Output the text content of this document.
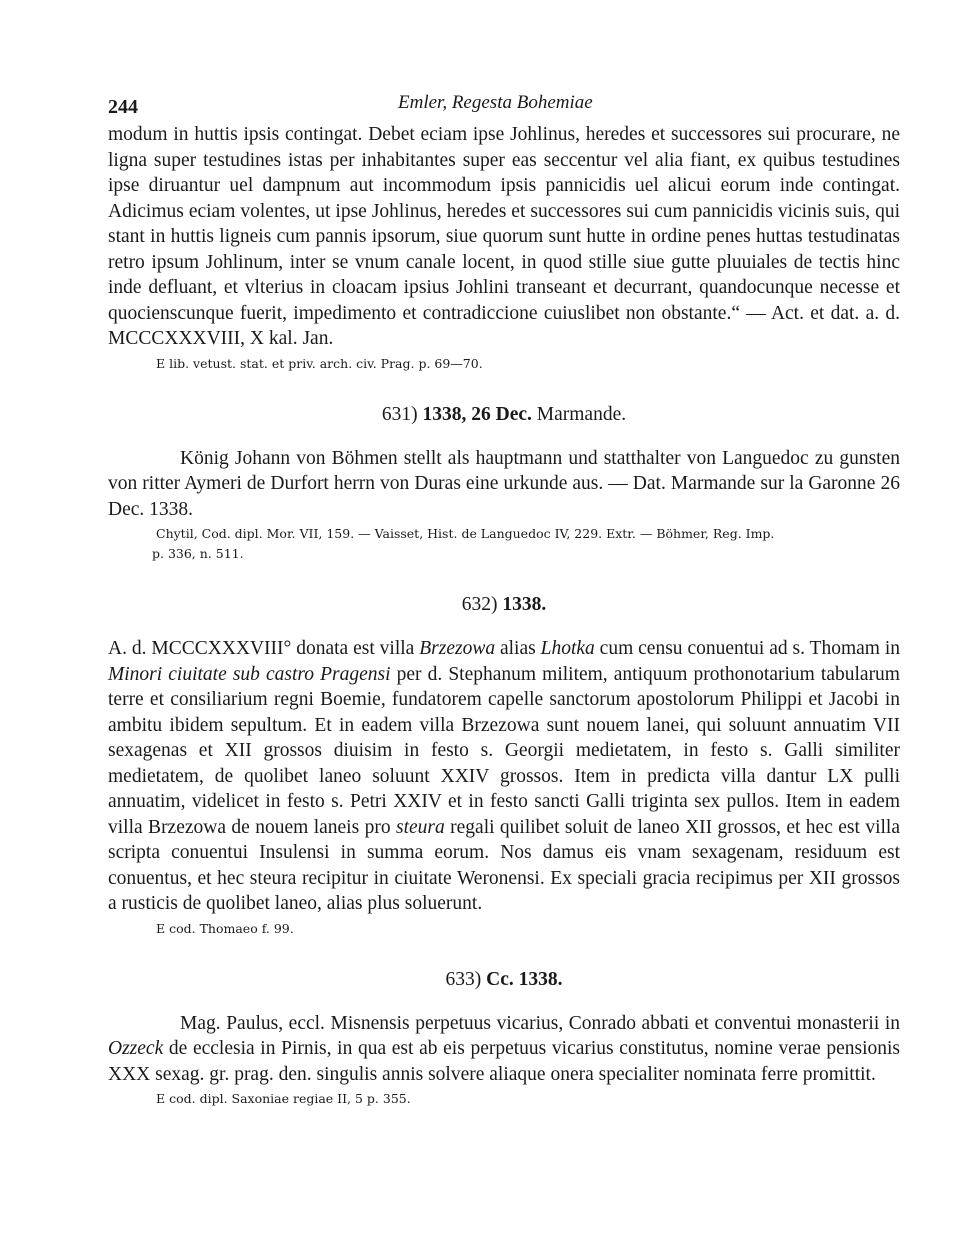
244	Emler, Regesta Bohemiae

modum in huttis ipsis contingat. Debet eciam ipse Johlinus, heredes et successores sui procurare, ne ligna super testudines istas per inhabitantes super eas seccentur vel alia fiant, ex quibus testudines ipse diruantur uel dampnum aut incommodum ipsis pannicidis uel alicui eorum inde contingat. Adicimus eciam volentes, ut ipse Johlinus, heredes et successores sui cum pannicidis vicinis suis, qui stant in huttis ligneis cum pannis ipsorum, siue quorum sunt hutte in ordine penes huttas testudinatas retro ipsum Johlinum, inter se vnum canale locent, in quod stille siue gutte pluuiales de tectis hinc inde defluant, et vlterius in cloacam ipsius Johlini transeant et decurrant, quandocunque necesse et quocienscunque fuerit, impedimento et contradiccione cuiuslibet non obstante.“ — Act. et dat. a. d. MCCCXXXVIII, X kal. Jan.

E lib. vetust. stat. et priv. arch. civ. Prag. p. 69—70.
631) 1338, 26 Dec. Marmande.

König Johann von Böhmen stellt als hauptmann und statthalter von Languedoc zu gunsten von ritter Aymeri de Durfort herrn von Duras eine urkunde aus. — Dat. Marmande sur la Garonne 26 Dec. 1338.

Chytil, Cod. dipl. Mor. VII, 159. — Vaisset, Hist. de Languedoc IV, 229. Extr. — Böhmer, Reg. Imp.
p. 336, n. 511.
632) 1338.

A. d. MCCCXXXVIII° donata est villa Brzezowa alias Lhotka cum censu conuentui ad s. Thomam in Minori ciuitate sub castro Pragensi per d. Stephanum militem, antiquum prothonotarium tabularum terre et consiliarium regni Boemie, fundatorem capelle sanctorum apostolorum Philippi et Jacobi in ambitu ibidem sepultum. Et in eadem villa Brzezowa sunt nouem lanei, qui soluunt annuatim VII sexagenas et XII grossos diuisim in festo s. Georgii medietatem, in festo s. Galli similiter medietatem, de quolibet laneo soluunt XXIV grossos. Item in predicta villa dantur LX pulli annuatim, videlicet in festo s. Petri XXIV et in festo sancti Galli triginta sex pullos. Item in eadem villa Brzezowa de nouem laneis pro steura regali quilibet soluit de laneo XII grossos, et hec est villa scripta conuentui Insulensi in summa eorum. Nos damus eis vnam sexagenam, residuum est conuentus, et hec steura recipitur in ciuitate Weronensi. Ex speciali gracia recipimus per XII grossos a rusticis de quolibet laneo, alias plus soluerunt.

E cod. Thomaeo f. 99.
633) Cc. 1338.

Mag. Paulus, eccl. Misnensis perpetuus vicarius, Conrado abbati et conventui monasterii in Ozzeck de ecclesia in Pirnis, in qua est ab eis perpetuus vicarius constitutus, nomine verae pensionis XXX sexag. gr. prag. den. singulis annis solvere aliaque onera specialiter nominata ferre promittit.

E cod. dipl. Saxoniae regiae II, 5 p. 355.
